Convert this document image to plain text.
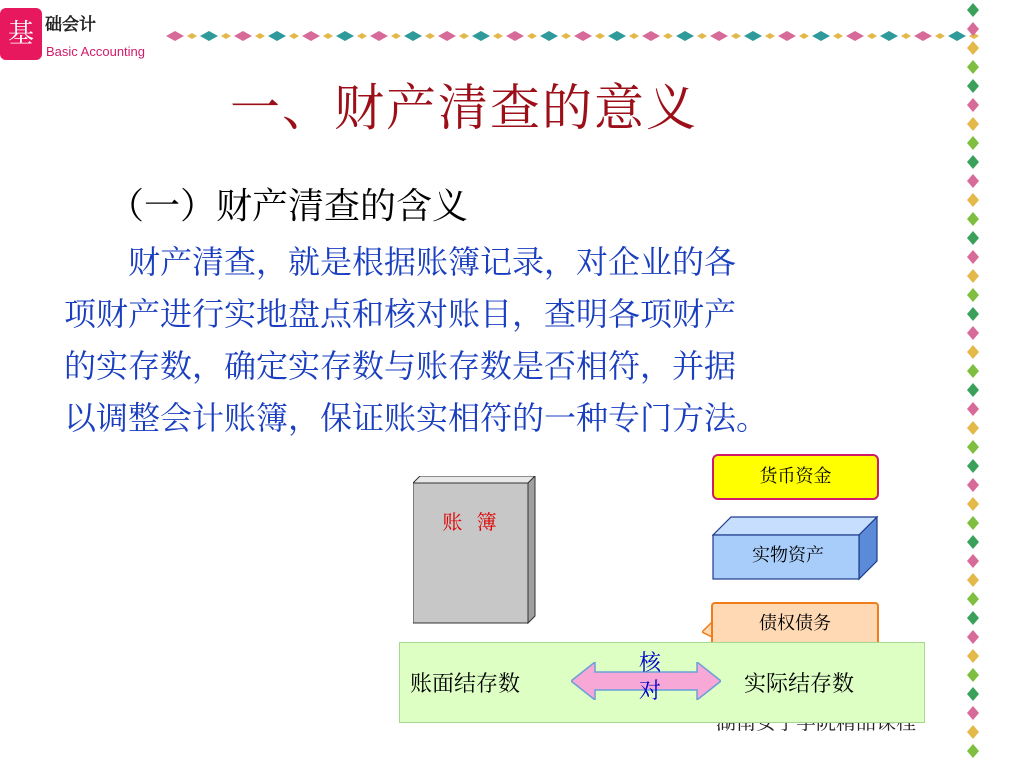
基 础会计
Basic Accounting
一、财产清查的意义
（一）财产清查的含义
　　财产清查，就是根据账簿记录，对企业的各
项财产进行实地盘点和核对账目，查明各项财产
的实存数，确定实存数与账存数是否相符，并据
以调整会计账簿，保证账实相符的一种专门方法。
账 簿
货币资金
实物资产
债权债务
账面结存数	实际结存数
核
对
